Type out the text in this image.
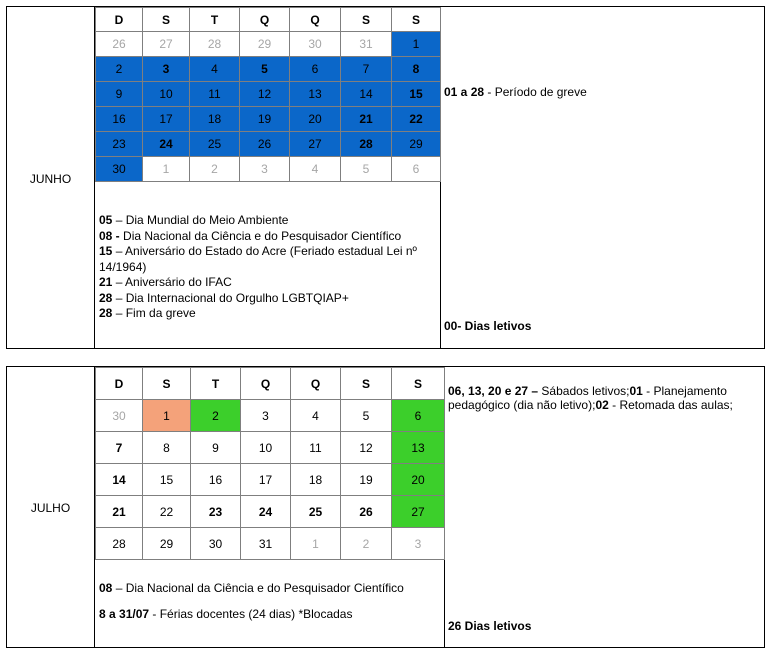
JUNHO
D	S	T	Q	Q	S	S
26	27	28	29	30	31	1
2	3	4	5	6	7	8
9	10	11	12	13	14	15
16	17	18	19	20	21	22
23	24	25	26	27	28	29
30	1	2	3	4	5	6
05 – Dia Mundial do Meio Ambiente
08 - Dia Nacional da Ciência e do Pesquisador Científico
15 – Aniversário do Estado do Acre (Feriado estadual Lei nº
14/1964)
21 – Aniversário do IFAC
28 – Dia Internacional do Orgulho LGBTQIAP+
28 – Fim da greve
01 a 28 - Período de greve
00- Dias letivos
JULHO
D	S	T	Q	Q	S	S
30	1	2	3	4	5	6
7	8	9	10	11	12	13
14	15	16	17	18	19	20
21	22	23	24	25	26	27
28	29	30	31	1	2	3
08 – Dia Nacional da Ciência e do Pesquisador Científico
8 a 31/07 - Férias docentes (24 dias) *Blocadas
06, 13, 20 e 27 – Sábados letivos;01 - Planejamento pedagógico (dia não letivo);02 - Retomada das aulas;
26 Dias letivos
